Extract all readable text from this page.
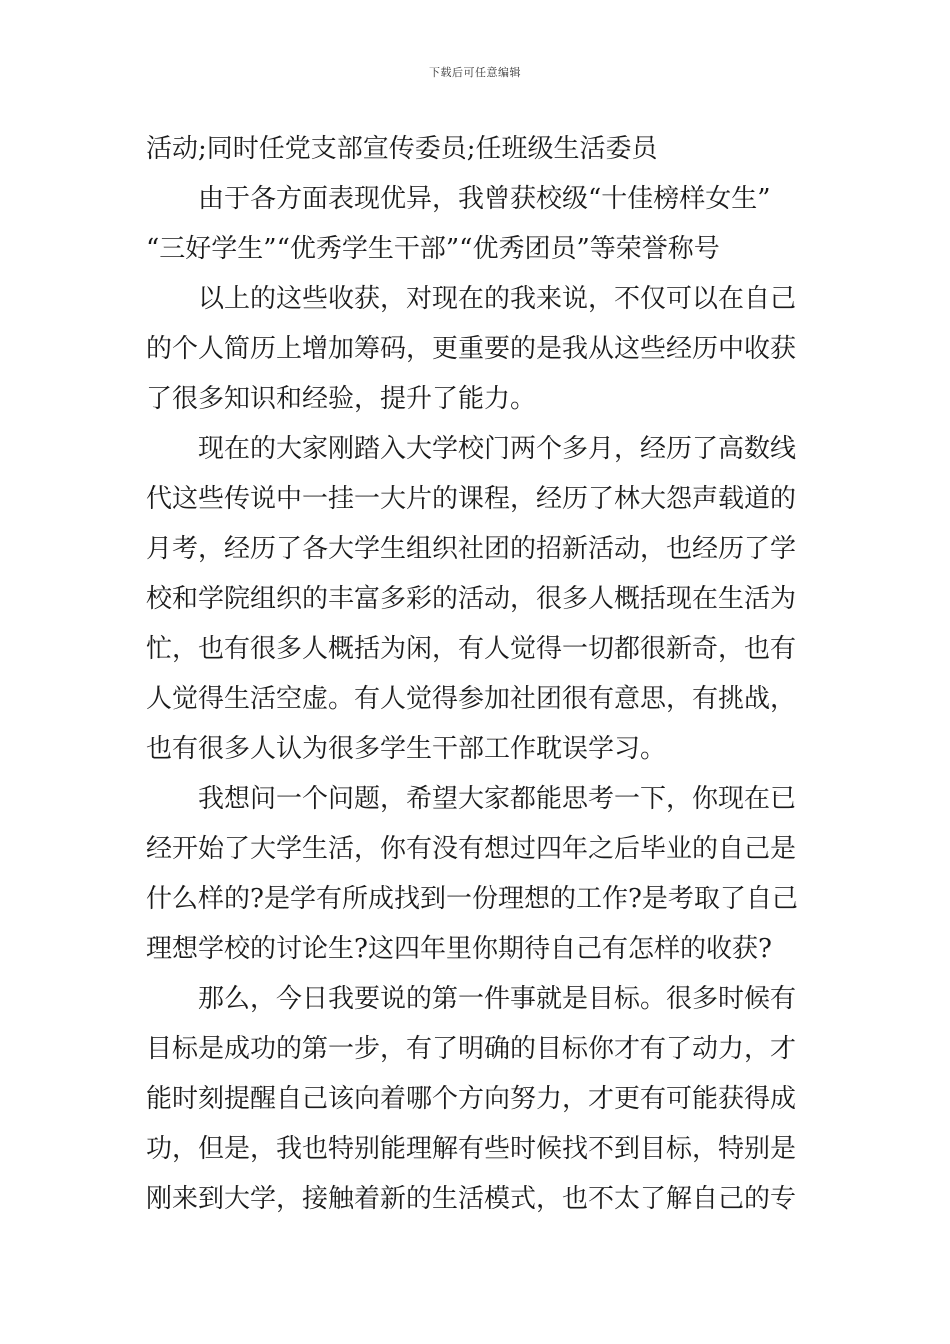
下载后可任意编辑
活动;同时任党支部宣传委员;任班级生活委员
由于各方面表现优异，我曾获校级“十佳榜样女生”
“三好学生”“优秀学生干部”“优秀团员”等荣誉称号
以上的这些收获，对现在的我来说，不仅可以在自己
的个人简历上增加筹码，更重要的是我从这些经历中收获
了很多知识和经验，提升了能力。
现在的大家刚踏入大学校门两个多月，经历了高数线
代这些传说中一挂一大片的课程，经历了林大怨声载道的
月考，经历了各大学生组织社团的招新活动，也经历了学
校和学院组织的丰富多彩的活动，很多人概括现在生活为
忙，也有很多人概括为闲，有人觉得一切都很新奇，也有
人觉得生活空虚。有人觉得参加社团很有意思，有挑战，
也有很多人认为很多学生干部工作耽误学习。
我想问一个问题，希望大家都能思考一下，你现在已
经开始了大学生活，你有没有想过四年之后毕业的自己是
什么样的?是学有所成找到一份理想的工作?是考取了自己
理想学校的讨论生?这四年里你期待自己有怎样的收获?
那么，今日我要说的第一件事就是目标。很多时候有
目标是成功的第一步，有了明确的目标你才有了动力，才
能时刻提醒自己该向着哪个方向努力，才更有可能获得成
功，但是，我也特别能理解有些时候找不到目标，特别是
刚来到大学，接触着新的生活模式，也不太了解自己的专
